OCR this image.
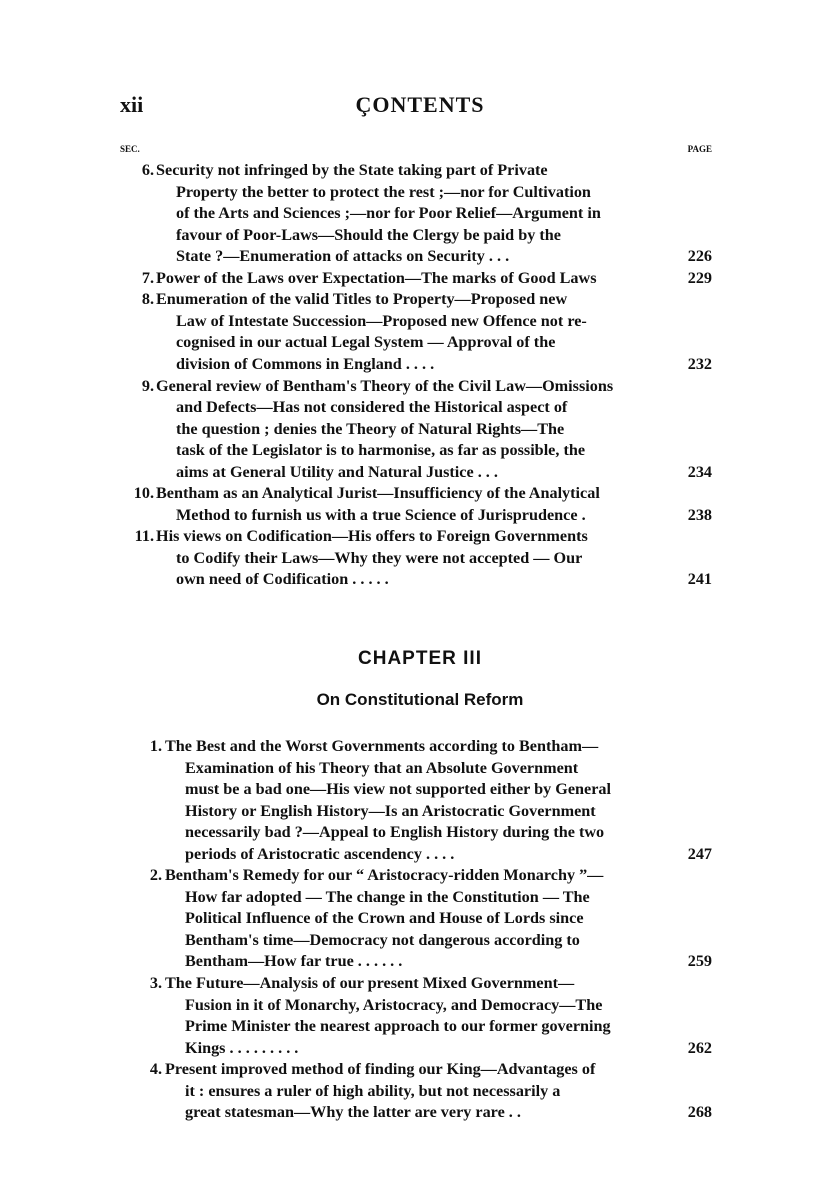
xii	ÇONTENTS
SEC.	PAGE
6. Security not infringed by the State taking part of Private
Property the better to protect the rest ;—nor for Cultivation
of the Arts and Sciences ;—nor for Poor Relief—Argument in
favour of Poor-Laws—Should the Clergy be paid by the
State ?—Enumeration of attacks on Security . . .	226
7. Power of the Laws over Expectation—The marks of Good Laws	229
8. Enumeration of the valid Titles to Property—Proposed new
Law of Intestate Succession—Proposed new Offence not re-
cognised in our actual Legal System — Approval of the
division of Commons in England . . . .	232
9. General review of Bentham's Theory of the Civil Law—Omissions
and Defects—Has not considered the Historical aspect of
the question ; denies the Theory of Natural Rights—The
task of the Legislator is to harmonise, as far as possible, the
aims at General Utility and Natural Justice . . .	234
10. Bentham as an Analytical Jurist—Insufficiency of the Analytical
Method to furnish us with a true Science of Jurisprudence .	238
11. His views on Codification—His offers to Foreign Governments
to Codify their Laws—Why they were not accepted — Our
own need of Codification . . . . .	241
CHAPTER III
On Constitutional Reform
1. The Best and the Worst Governments according to Bentham—
Examination of his Theory that an Absolute Government
must be a bad one—His view not supported either by General
History or English History—Is an Aristocratic Government
necessarily bad ?—Appeal to English History during the two
periods of Aristocratic ascendency . . . .	247
2. Bentham's Remedy for our “ Aristocracy-ridden Monarchy ”—
How far adopted — The change in the Constitution — The
Political Influence of the Crown and House of Lords since
Bentham's time—Democracy not dangerous according to
Bentham—How far true . . . . . .	259
3. The Future—Analysis of our present Mixed Government—
Fusion in it of Monarchy, Aristocracy, and Democracy—The
Prime Minister the nearest approach to our former governing
Kings . . . . . . . . .	262
4. Present improved method of finding our King—Advantages of
it : ensures a ruler of high ability, but not necessarily a
great statesman—Why the latter are very rare . .	268
